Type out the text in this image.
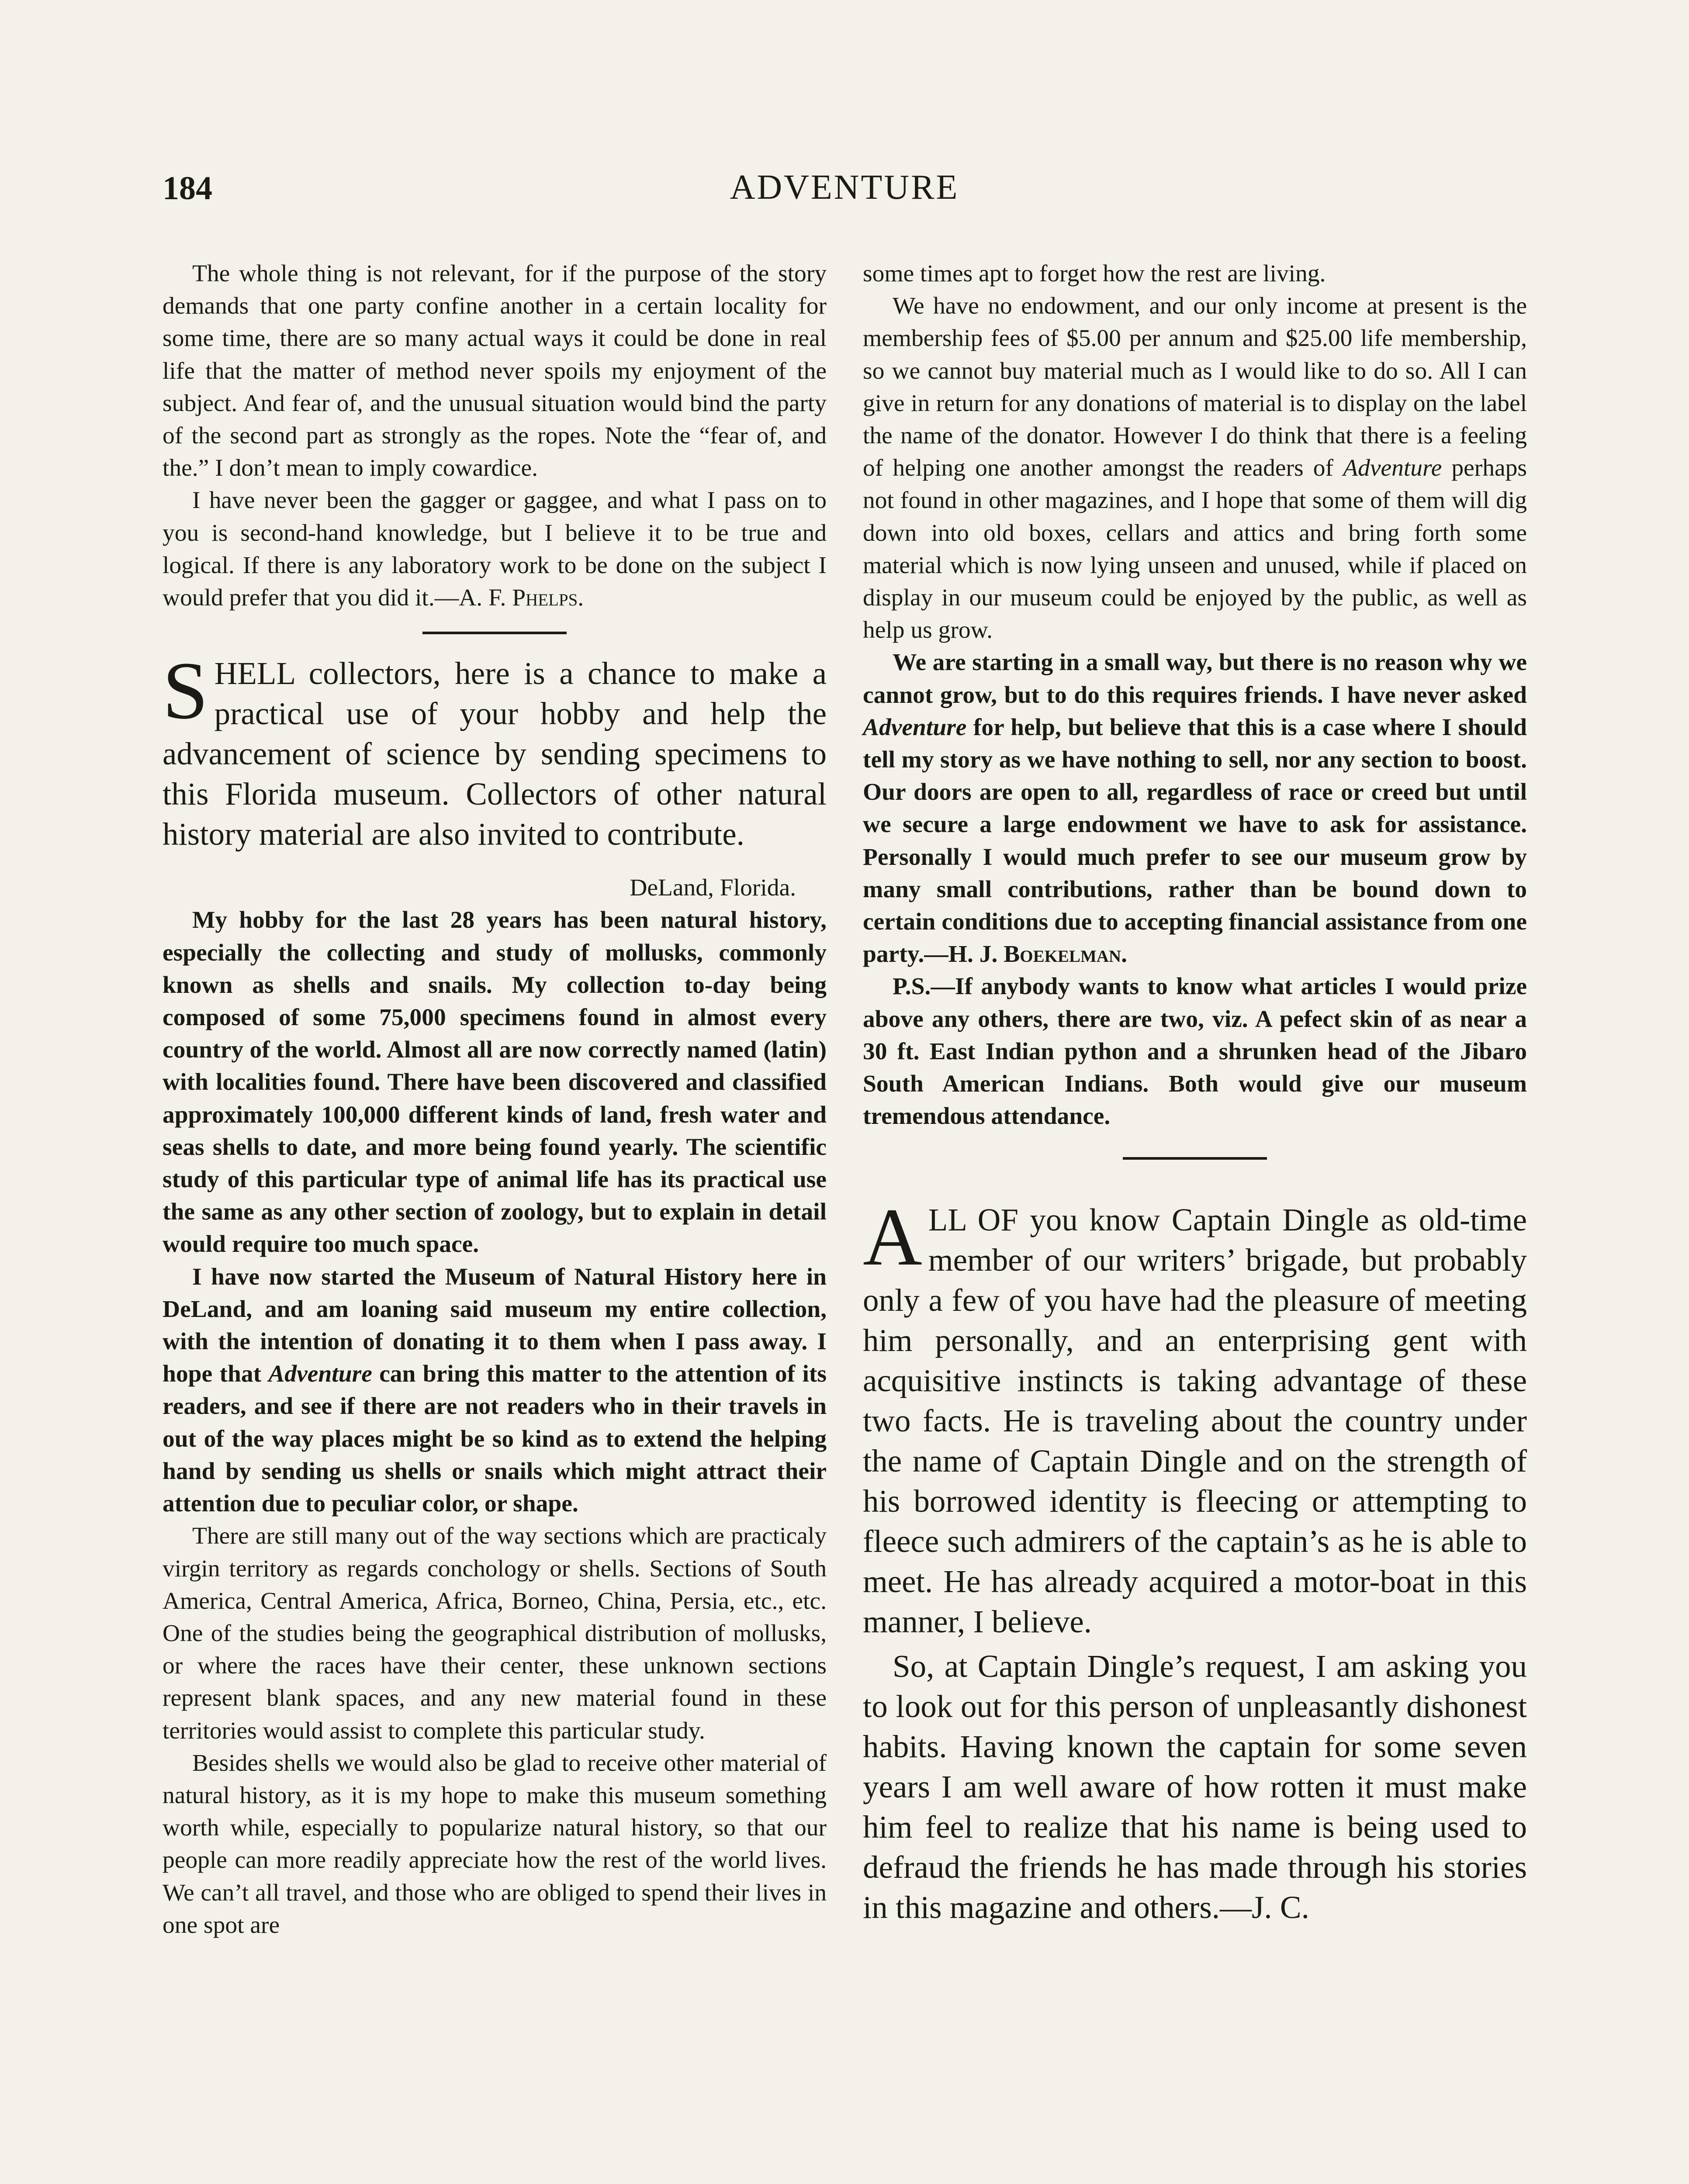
184	ADVENTURE

The whole thing is not relevant, for if the purpose of the story demands that one party confine another in a certain locality for some time, there are so many actual ways it could be done in real life that the matter of method never spoils my enjoyment of the subject. And fear of, and the unusual situation would bind the party of the second part as strongly as the ropes. Note the “fear of, and the.” I don’t mean to imply cowardice.

I have never been the gagger or gaggee, and what I pass on to you is second-hand knowledge, but I believe it to be true and logical. If there is any laboratory work to be done on the subject I would prefer that you did it.—A. F. Phelps.

SHELL collectors, here is a chance to make a practical use of your hobby and help the advancement of science by sending specimens to this Florida museum. Collectors of other natural history material are also invited to contribute.

DeLand, Florida.

My hobby for the last 28 years has been natural history, especially the collecting and study of mollusks, commonly known as shells and snails. My collection to-day being composed of some 75,000 specimens found in almost every country of the world. Almost all are now correctly named (latin) with localities found. There have been discovered and classified approximately 100,000 different kinds of land, fresh water and seas shells to date, and more being found yearly. The scientific study of this particular type of animal life has its practical use the same as any other section of zoology, but to explain in detail would require too much space.

I have now started the Museum of Natural History here in DeLand, and am loaning said museum my entire collection, with the intention of donating it to them when I pass away. I hope that Adventure can bring this matter to the attention of its readers, and see if there are not readers who in their travels in out of the way places might be so kind as to extend the helping hand by sending us shells or snails which might attract their attention due to peculiar color, or shape.

There are still many out of the way sections which are practicaly virgin territory as regards conchology or shells. Sections of South America, Central America, Africa, Borneo, China, Persia, etc., etc. One of the studies being the geographical distribution of mollusks, or where the races have their center, these unknown sections represent blank spaces, and any new material found in these territories would assist to complete this particular study.

Besides shells we would also be glad to receive other material of natural history, as it is my hope to make this museum something worth while, especially to popularize natural history, so that our people can more readily appreciate how the rest of the world lives. We can’t all travel, and those who are obliged to spend their lives in one spot are

some times apt to forget how the rest are living.

We have no endowment, and our only income at present is the membership fees of $5.00 per annum and $25.00 life membership, so we cannot buy material much as I would like to do so. All I can give in return for any donations of material is to display on the label the name of the donator. However I do think that there is a feeling of helping one another amongst the readers of Adventure perhaps not found in other magazines, and I hope that some of them will dig down into old boxes, cellars and attics and bring forth some material which is now lying unseen and unused, while if placed on display in our museum could be enjoyed by the public, as well as help us grow.

We are starting in a small way, but there is no reason why we cannot grow, but to do this requires friends. I have never asked Adventure for help, but believe that this is a case where I should tell my story as we have nothing to sell, nor any section to boost. Our doors are open to all, regardless of race or creed but until we secure a large endowment we have to ask for assistance. Personally I would much prefer to see our museum grow by many small contributions, rather than be bound down to certain conditions due to accepting financial assistance from one party.—H. J. Boekelman.

P.S.—If anybody wants to know what articles I would prize above any others, there are two, viz. A pefect skin of as near a 30 ft. East Indian python and a shrunken head of the Jibaro South American Indians. Both would give our museum tremendous attendance.

ALL OF you know Captain Dingle as old-time member of our writers’ brigade, but probably only a few of you have had the pleasure of meeting him personally, and an enterprising gent with acquisitive instincts is taking advantage of these two facts. He is traveling about the country under the name of Captain Dingle and on the strength of his borrowed identity is fleecing or attempting to fleece such admirers of the captain’s as he is able to meet. He has already acquired a motor-boat in this manner, I believe.

So, at Captain Dingle’s request, I am asking you to look out for this person of unpleasantly dishonest habits. Having known the captain for some seven years I am well aware of how rotten it must make him feel to realize that his name is being used to defraud the friends he has made through his stories in this magazine and others.—J. C.
